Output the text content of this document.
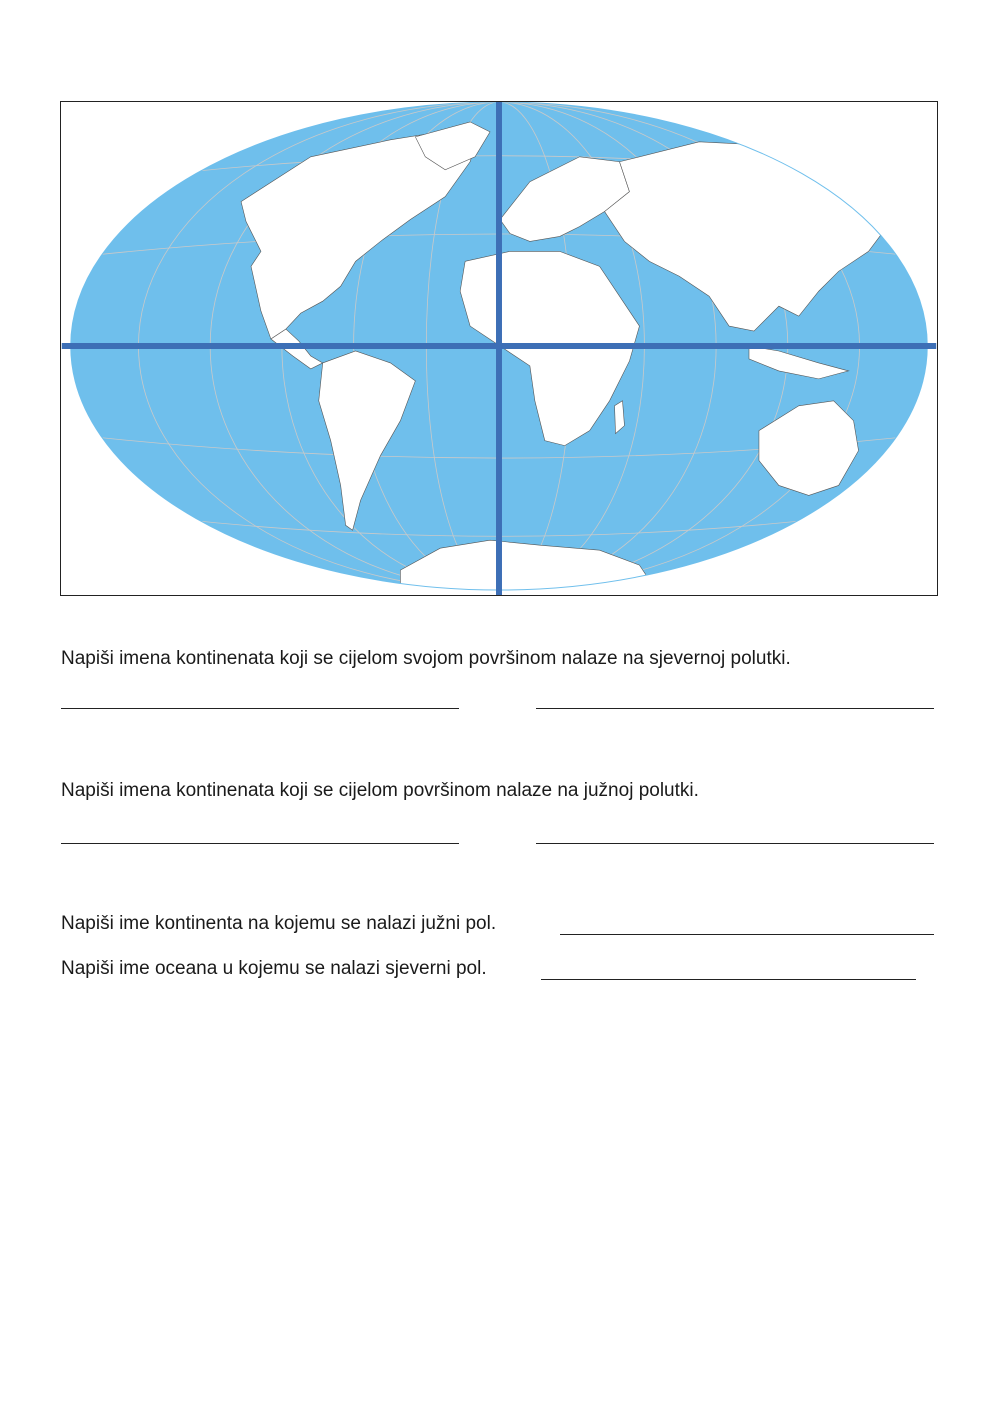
Napiši imena kontinenata koji se cijelom svojom površinom nalaze na sjevernoj polutki.
Napiši imena kontinenata koji se cijelom površinom nalaze na južnoj polutki.
Napiši ime kontinenta na kojemu se nalazi južni pol.
Napiši ime oceana u kojemu se nalazi sjeverni pol.
